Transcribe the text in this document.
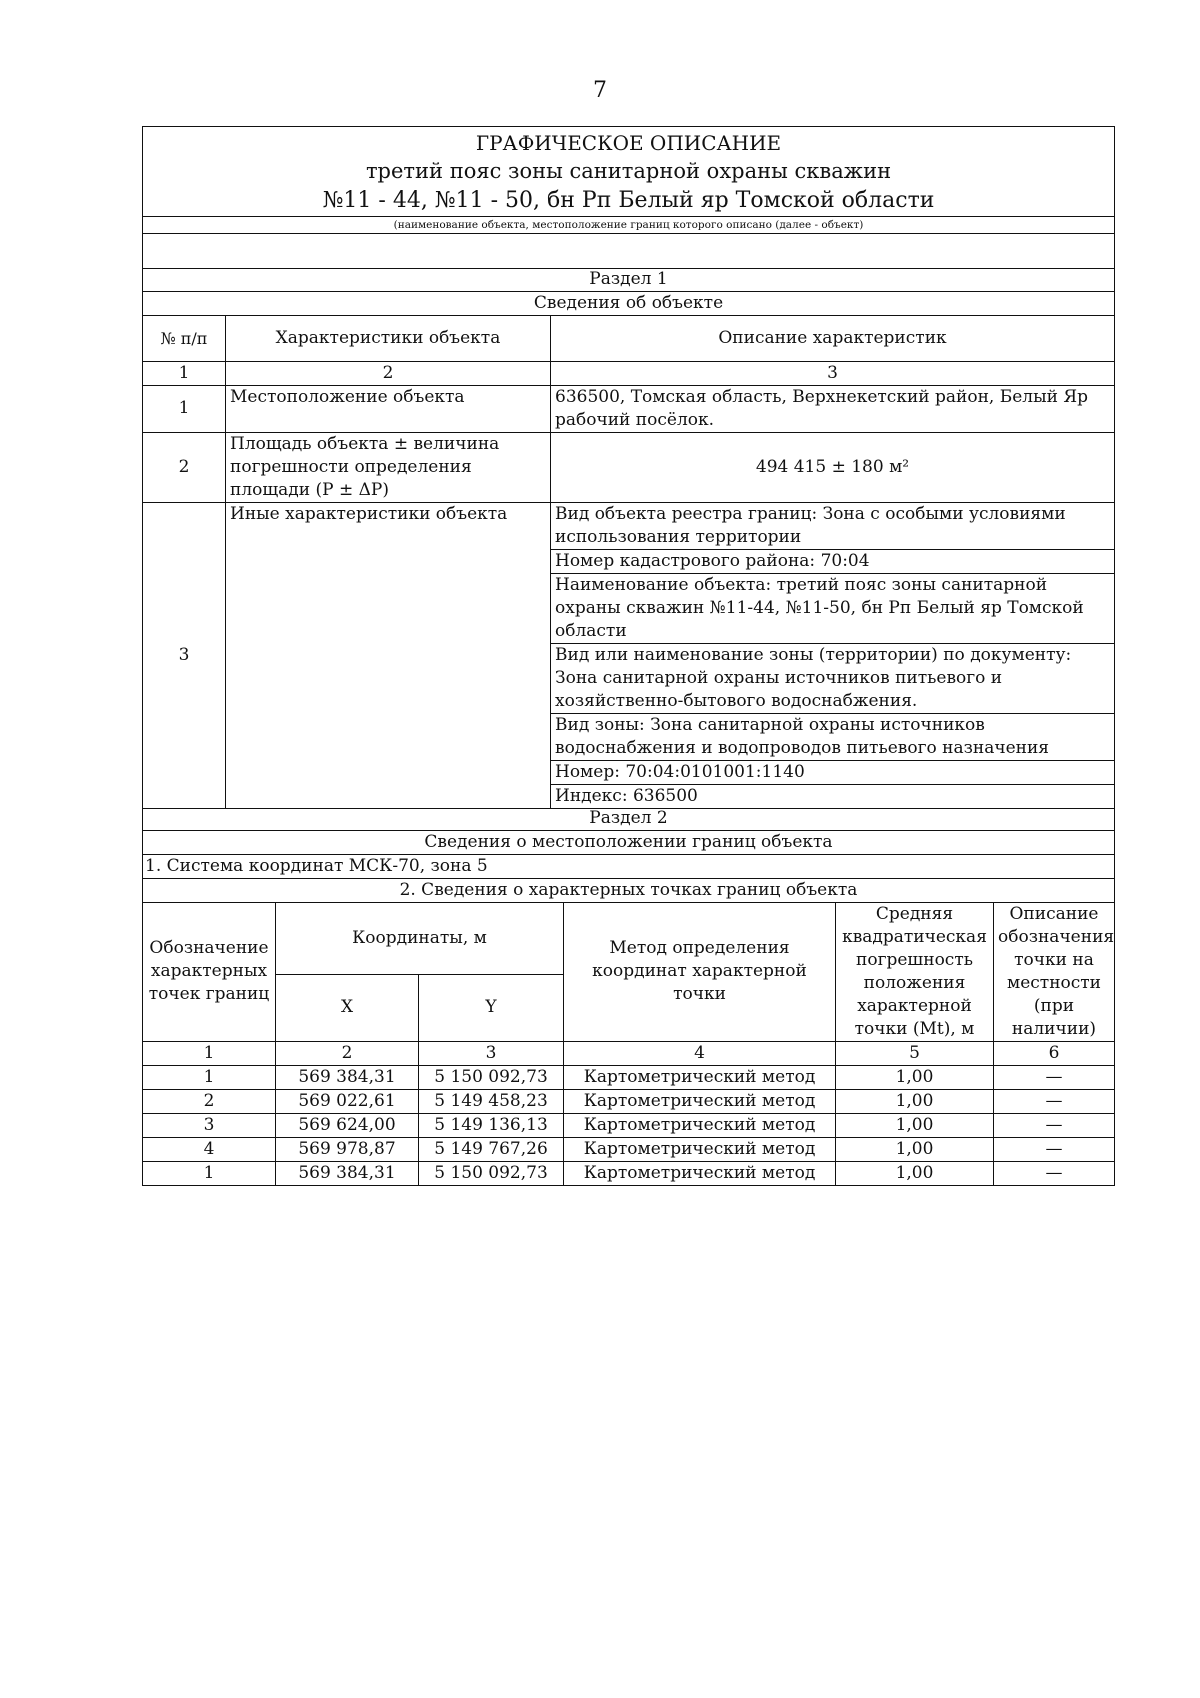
7
ГРАФИЧЕСКОЕ ОПИСАНИЕ
третий пояс зоны санитарной охраны скважин
№11 - 44, №11 - 50, бн Рп Белый яр Томской области

(наименование объекта, местоположение границ которого описано (далее - объект)

Раздел 1		
Сведения об объекте		
№ п/п	Характеристики объекта	Описание характеристик
1	2	3
1	Местоположение объекта	636500, Томская область, Верхнекетский район, Белый Яр рабочий посёлок.
2	Площадь объекта ± величина погрешности определения площади (P ± ΔP)	494 415 ± 180 м²
3	Иные характеристики объекта	Вид объекта реестра границ: Зона с особыми условиями использования территории
		Номер кадастрового района: 70:04
		Наименование объекта: третий пояс зоны санитарной охраны скважин №11-44, №11-50, бн Рп Белый яр Томской области
		Вид или наименование зоны (территории) по документу: Зона санитарной охраны источников питьевого и хозяйственно-бытового водоснабжения.
		Вид зоны: Зона санитарной охраны источников водоснабжения и водопроводов питьевого назначения
		Номер: 70:04:0101001:1140
		Индекс: 636500
Раздел 2
Сведения о местоположении границ объекта
1. Система координат МСК-70, зона 5
2. Сведения о характерных точках границ объекта
Обозначение характерных точек границ	Координаты, м		Метод определения координат характерной точки	Средняя квадратическая погрешность положения характерной точки (Mt), м	Описание обозначения точки на местности (при наличии)
	X	Y			
1	2	3	4	5	6
1	569 384,31	5 150 092,73	Картометрический метод	1,00	—
2	569 022,61	5 149 458,23	Картометрический метод	1,00	—
3	569 624,00	5 149 136,13	Картометрический метод	1,00	—
4	569 978,87	5 149 767,26	Картометрический метод	1,00	—
1	569 384,31	5 150 092,73	Картометрический метод	1,00	—
